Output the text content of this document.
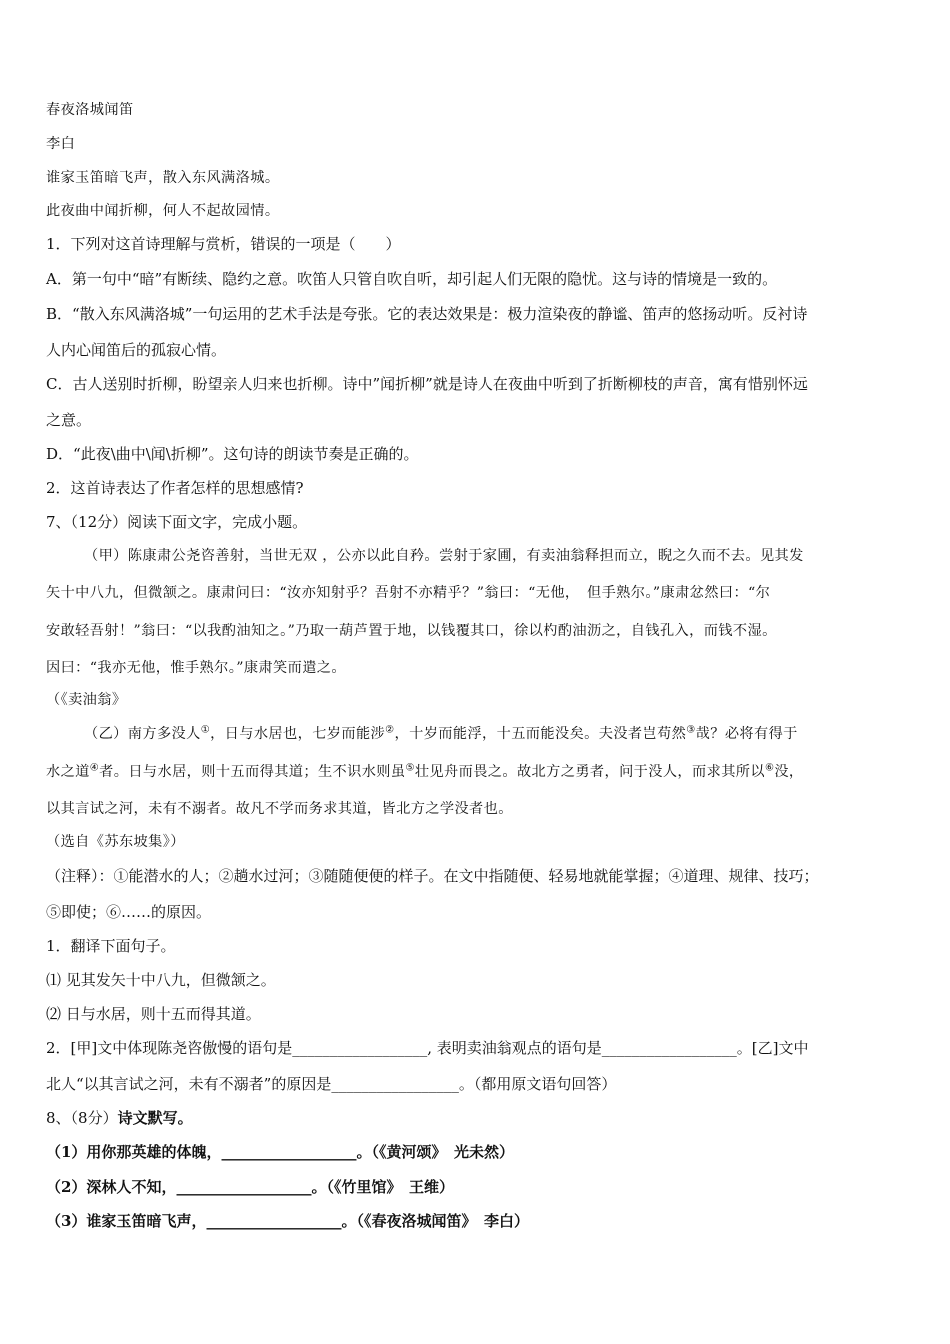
春夜洛城闻笛
李白
谁家玉笛暗飞声，散入东风满洛城。
此夜曲中闻折柳，何人不起故园情。
1．下列对这首诗理解与赏析，错误的一项是（　　）
A．第一句中“暗”有断续、隐约之意。吹笛人只管自吹自听，却引起人们无限的隐忧。这与诗的情境是一致的。
B．“散入东风满洛城”一句运用的艺术手法是夸张。它的表达效果是：极力渲染夜的静谧、笛声的悠扬动听。反衬诗
人内心闻笛后的孤寂心情。
C．古人送别时折柳，盼望亲人归来也折柳。诗中”闻折柳”就是诗人在夜曲中听到了折断柳枝的声音，寓有惜别怀远
之意。
D．“此夜\曲中\闻\折柳”。这句诗的朗读节奏是正确的。
2．这首诗表达了作者怎样的思想感情?
7、（12分）阅读下面文字，完成小题。
（甲）陈康肃公尧咨善射，当世无双 ，公亦以此自矜。尝射于家圃，有卖油翁释担而立，睨之久而不去。见其发
矢十中八九，但微颔之。康肃问曰：“汝亦知射乎？吾射不亦精乎？”翁曰：“无他，　但手熟尔。”康肃忿然曰：“尔
安敢轻吾射！”翁曰：“以我酌油知之。”乃取一葫芦置于地，以钱覆其口，徐以杓酌油沥之，自钱孔入，而钱不湿。
因曰：“我亦无他，惟手熟尔。”康肃笑而遣之。
（《卖油翁》
（乙）南方多没人①，日与水居也，七岁而能涉②，十岁而能浮，十五而能没矣。夫没者岂苟然③哉？必将有得于
水之道④者。日与水居，则十五而得其道；生不识水则虽⑤壮见舟而畏之。故北方之勇者，问于没人，而求其所以⑥没，
以其言试之河，未有不溺者。故凡不学而务求其道，皆北方之学没者也。
（选自《苏东坡集》）
（注释）：①能潜水的人；②趟水过河；③随随便便的样子。在文中指随便、轻易地就能掌握；④道理、规律、技巧；
⑤即使；⑥……的原因。
1．翻译下面句子。
⑴ 见其发矢十中八九，但微颔之。
⑵ 日与水居，则十五而得其道。
2．[甲]文中体现陈尧咨傲慢的语句是__________________, 表明卖油翁观点的语句是__________________。[乙]文中
北人“以其言试之河，未有不溺者”的原因是_________________。（都用原文语句回答）
8、（8分）诗文默写。
（1）用你那英雄的体魄，__________________。（《黄河颂》　光未然）
（2）深林人不知，__________________。（《竹里馆》　王维）
（3）谁家玉笛暗飞声，__________________。（《春夜洛城闻笛》　李白）
